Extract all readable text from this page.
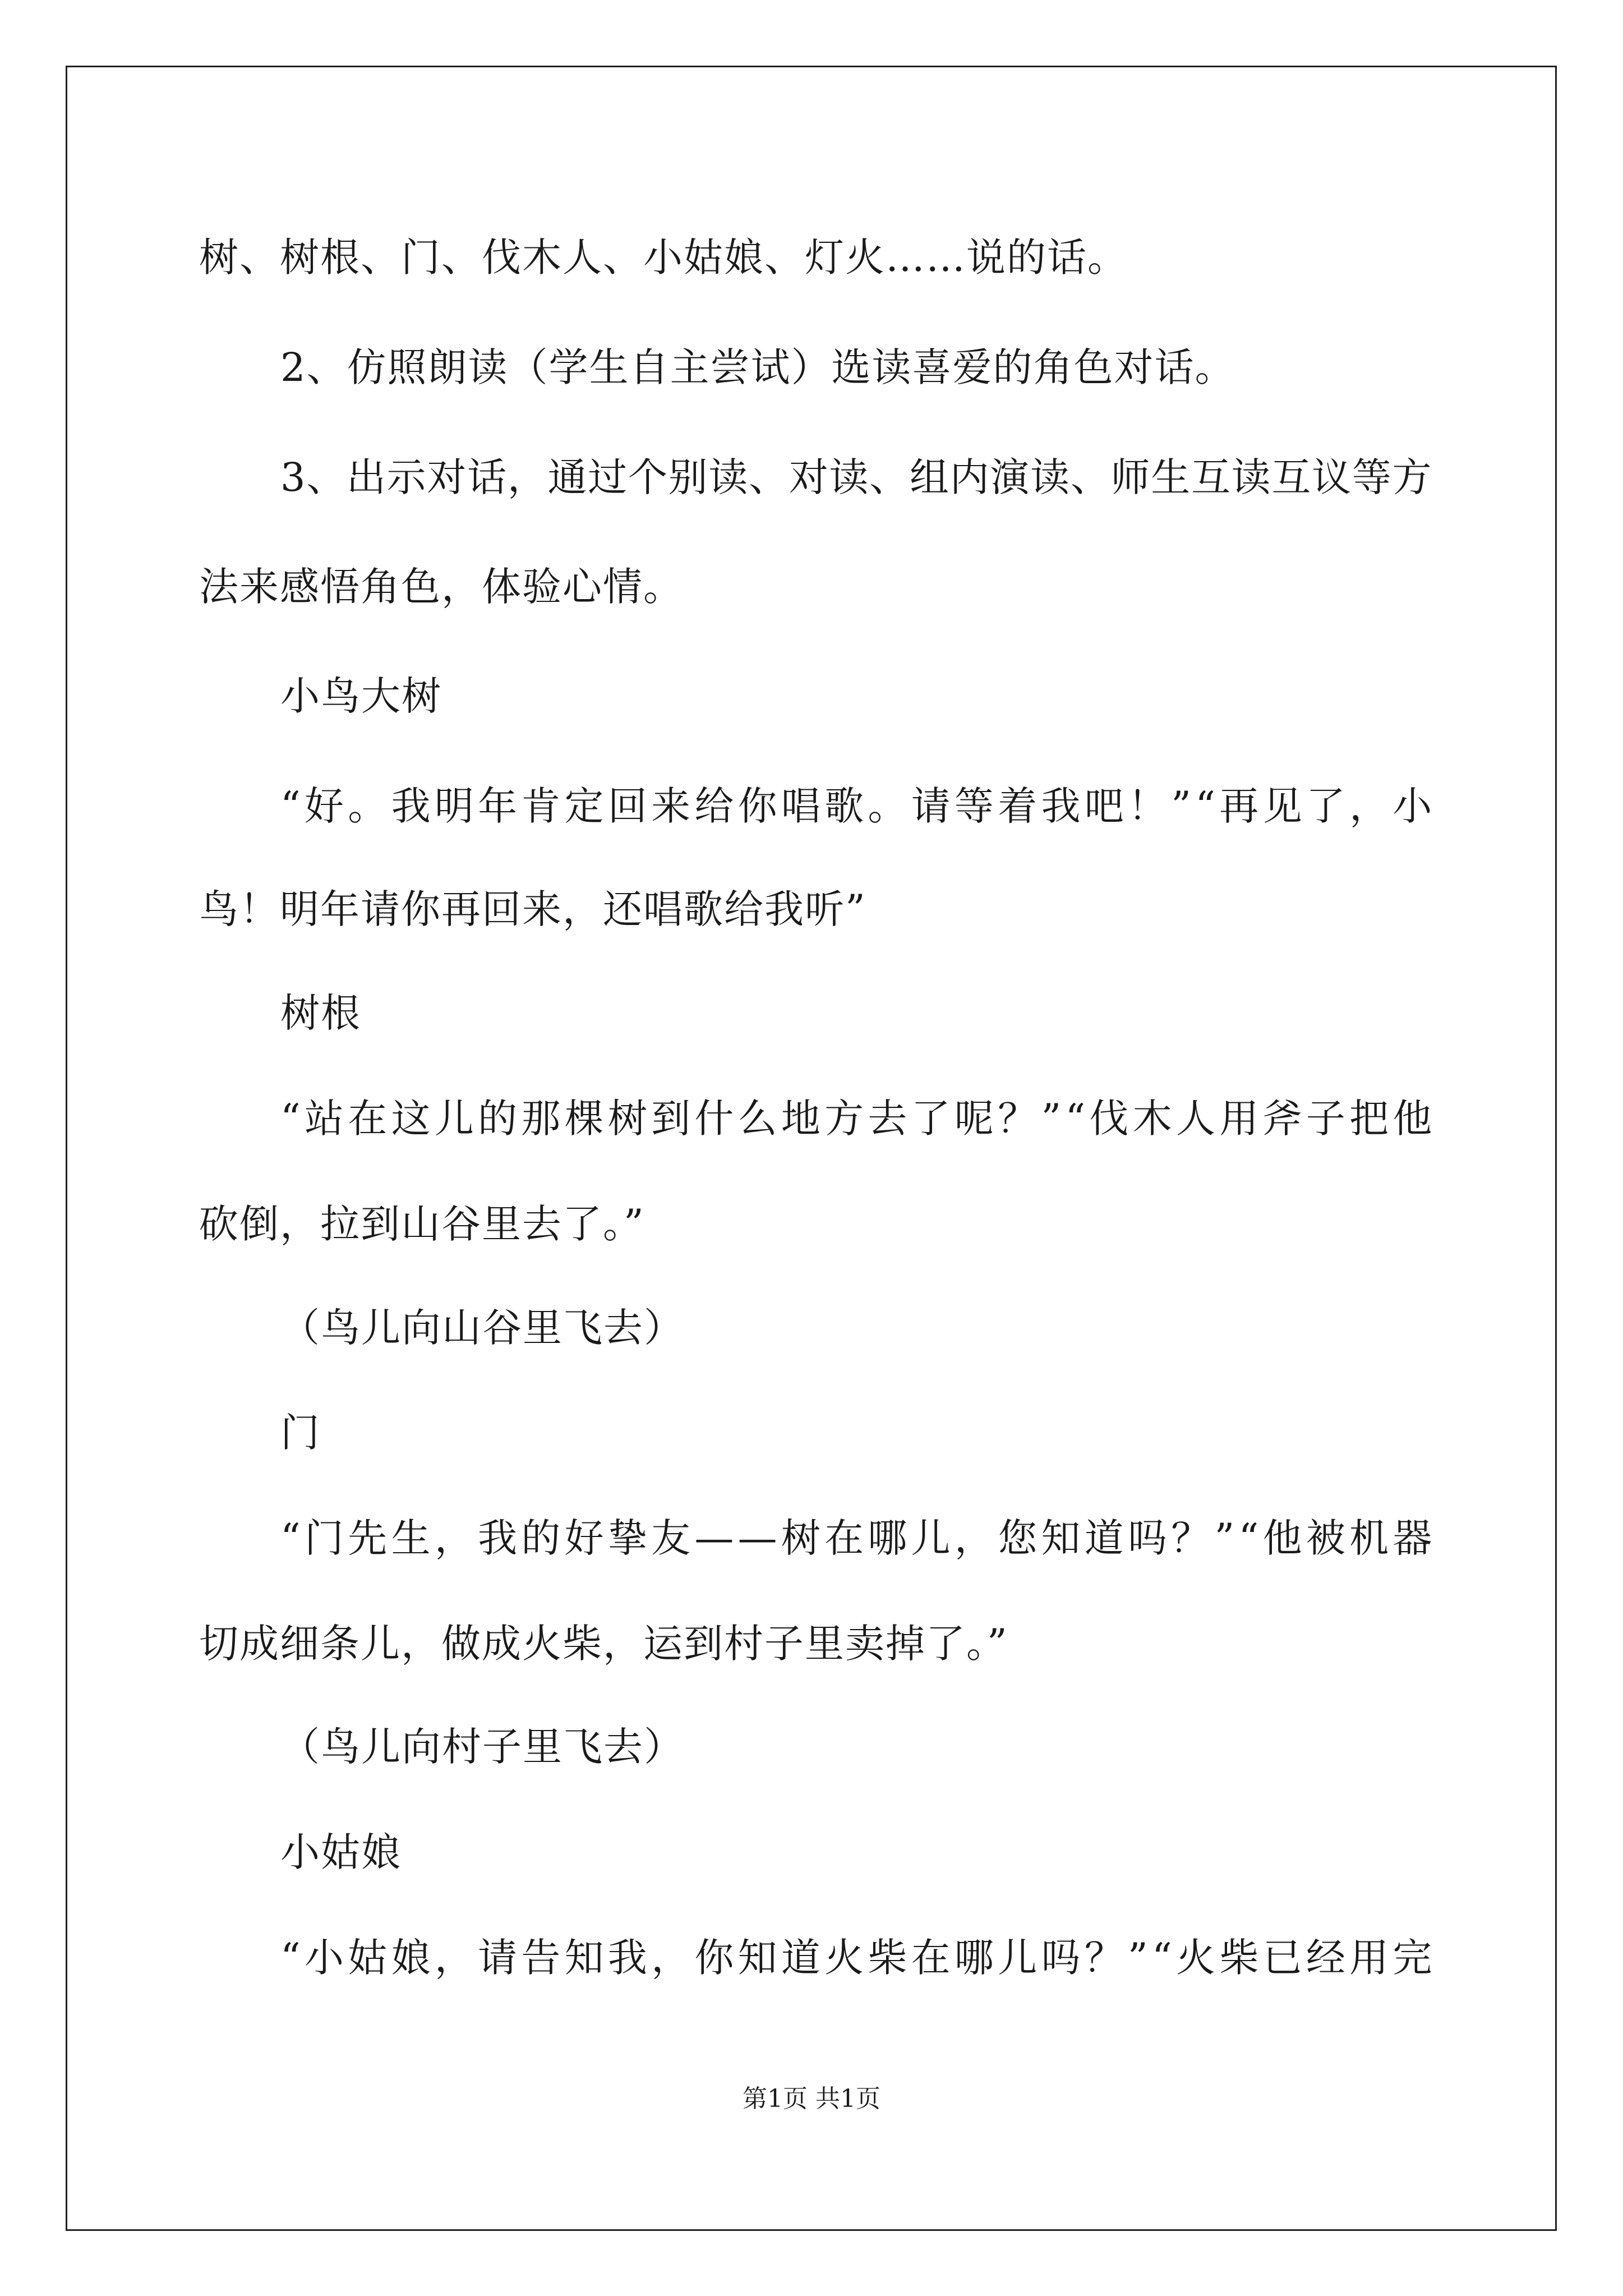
树、树根、门、伐木人、小姑娘、灯火……说的话。
2、仿照朗读（学生自主尝试）选读喜爱的角色对话。
3、出示对话，通过个别读、对读、组内演读、师生互读互议等方
法来感悟角色，体验心情。
小鸟大树
“好。我明年肯定回来给你唱歌。请等着我吧！”“再见了，小
鸟！明年请你再回来，还唱歌给我听”
树根
“站在这儿的那棵树到什么地方去了呢？”“伐木人用斧子把他
砍倒，拉到山谷里去了。”
（鸟儿向山谷里飞去）
门
“门先生，我的好挚友——树在哪儿，您知道吗？”“他被机器
切成细条儿，做成火柴，运到村子里卖掉了。”
（鸟儿向村子里飞去）
小姑娘
“小姑娘，请告知我，你知道火柴在哪儿吗？”“火柴已经用完
第1页 共1页
